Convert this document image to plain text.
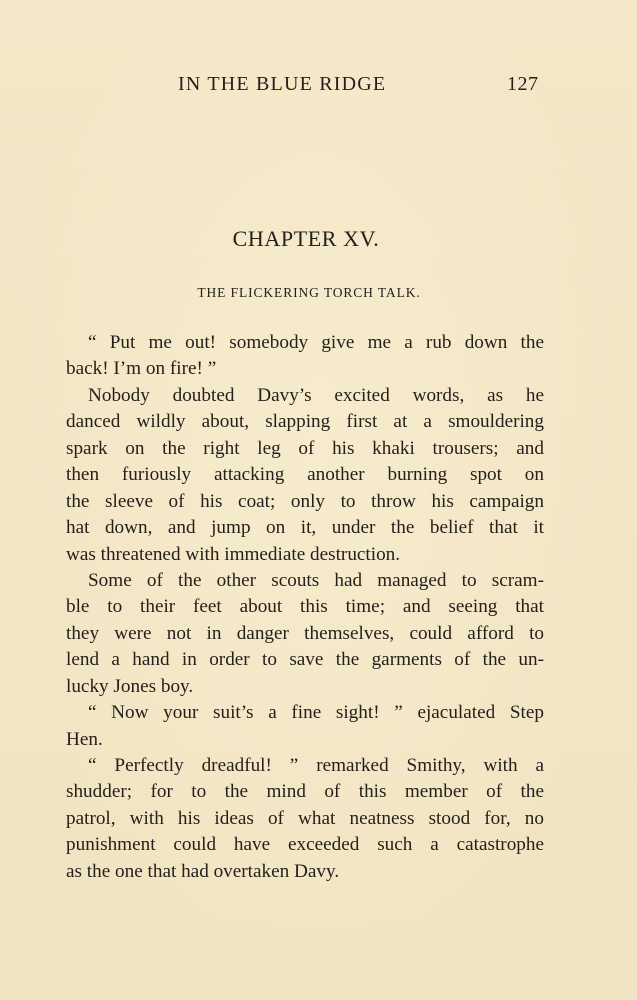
IN THE BLUE RIDGE	127
CHAPTER XV.
THE FLICKERING TORCH TALK.
“ Put me out! somebody give me a rub down the
back! I’m on fire! ”
Nobody doubted Davy’s excited words, as he
danced wildly about, slapping first at a smouldering
spark on the right leg of his khaki trousers; and
then furiously attacking another burning spot on
the sleeve of his coat; only to throw his campaign
hat down, and jump on it, under the belief that it
was threatened with immediate destruction.
Some of the other scouts had managed to scram-
ble to their feet about this time; and seeing that
they were not in danger themselves, could afford to
lend a hand in order to save the garments of the un-
lucky Jones boy.
“ Now your suit’s a fine sight! ” ejaculated Step
Hen.
“ Perfectly dreadful! ” remarked Smithy, with a
shudder; for to the mind of this member of the
patrol, with his ideas of what neatness stood for, no
punishment could have exceeded such a catastrophe
as the one that had overtaken Davy.
